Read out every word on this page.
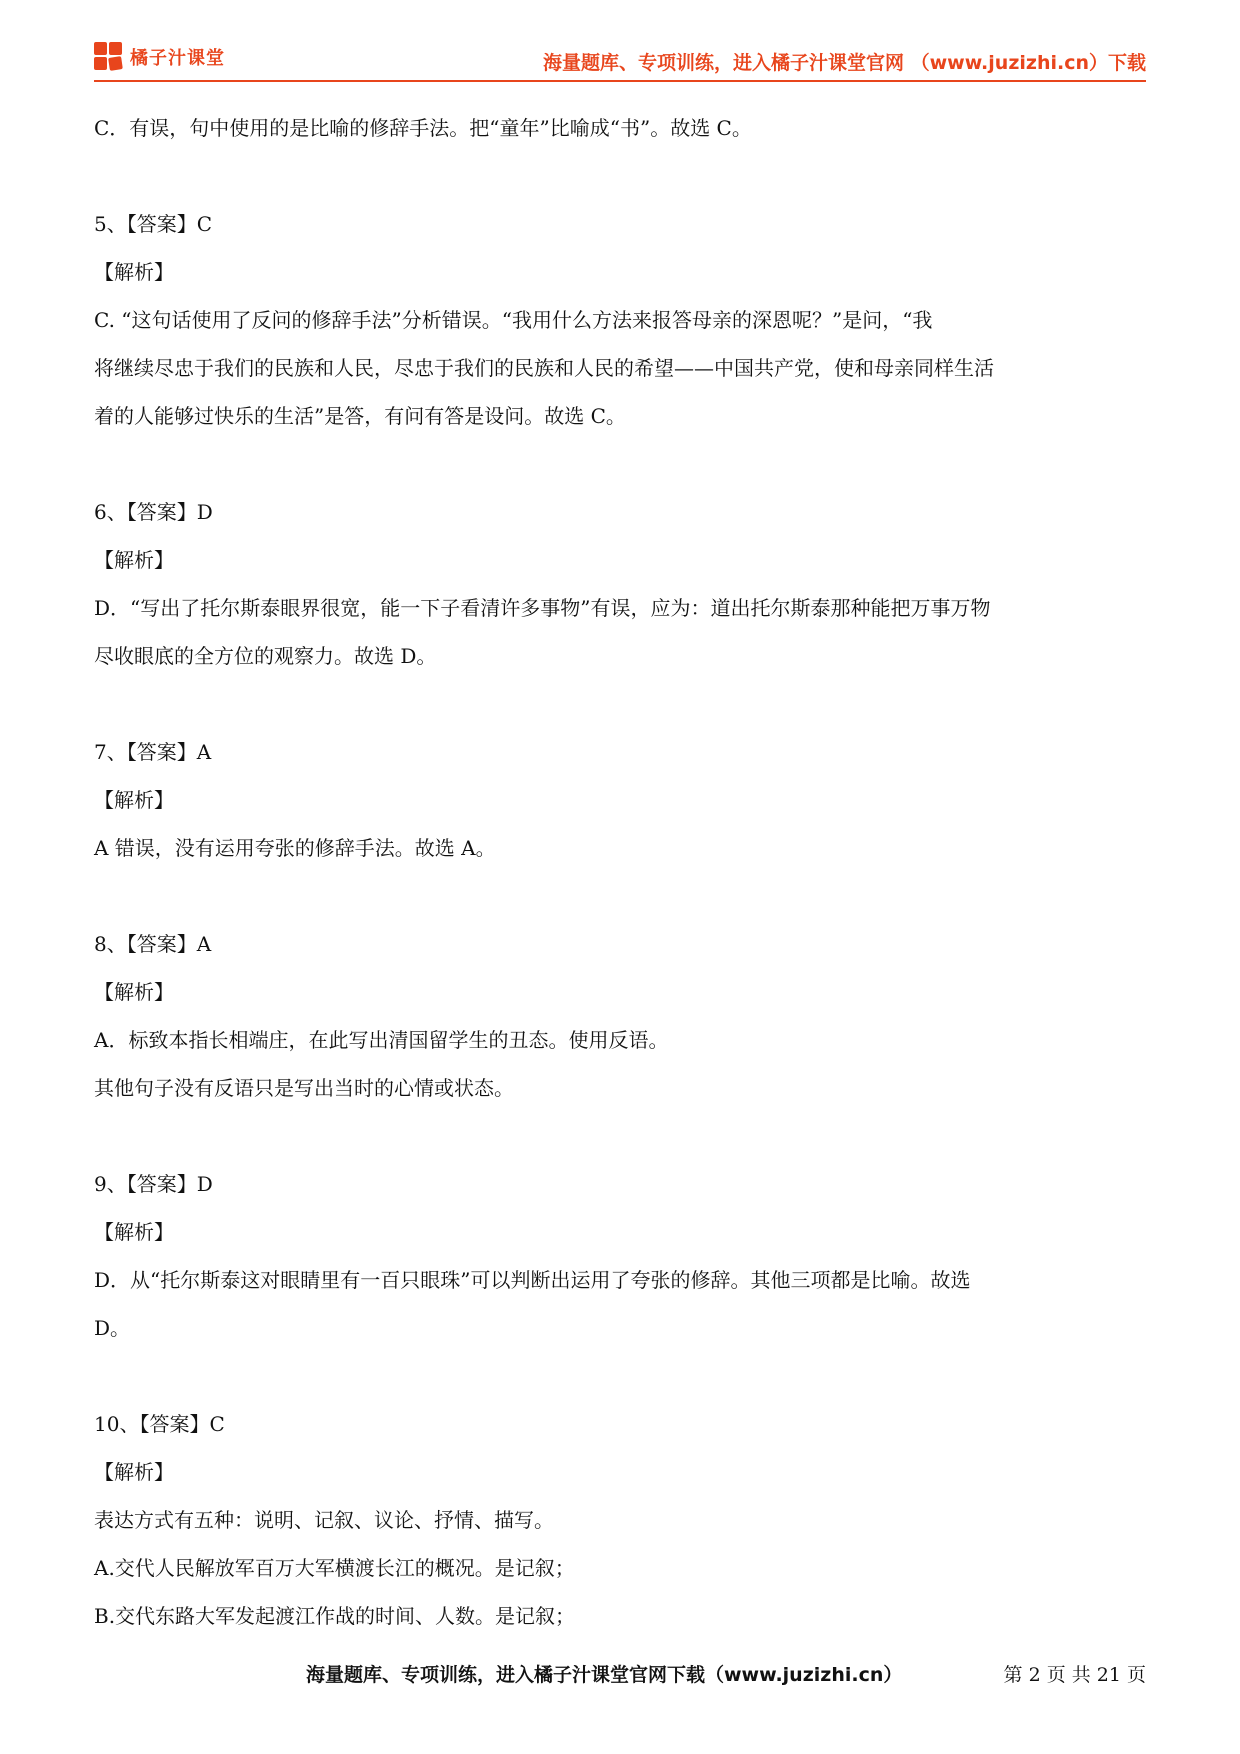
橘子汁课堂	海量题库、专项训练，进入橘子汁课堂官网 （www.juzizhi.cn）下载
C．有误，句中使用的是比喻的修辞手法。把“童年”比喻成“书”。故选 C。
5、【答案】C
【解析】
C. “这句话使用了反问的修辞手法”分析错误。“我用什么方法来报答母亲的深恩呢？”是问，“我
将继续尽忠于我们的民族和人民，尽忠于我们的民族和人民的希望——中国共产党，使和母亲同样生活
着的人能够过快乐的生活”是答，有问有答是设问。故选 C。
6、【答案】D
【解析】
D．“写出了托尔斯泰眼界很宽，能一下子看清许多事物”有误，应为：道出托尔斯泰那种能把万事万物
尽收眼底的全方位的观察力。故选 D。
7、【答案】A
【解析】
A 错误，没有运用夸张的修辞手法。故选 A。
8、【答案】A
【解析】
A．标致本指长相端庄，在此写出清国留学生的丑态。使用反语。
其他句子没有反语只是写出当时的心情或状态。
9、【答案】D
【解析】
D．从“托尔斯泰这对眼睛里有一百只眼珠”可以判断出运用了夸张的修辞。其他三项都是比喻。故选
D。
10、【答案】C
【解析】
表达方式有五种：说明、记叙、议论、抒情、描写。
A.交代人民解放军百万大军横渡长江的概况。是记叙；
B.交代东路大军发起渡江作战的时间、人数。是记叙；
海量题库、专项训练，进入橘子汁课堂官网下载（www.juzizhi.cn）	第 2 页 共 21 页
